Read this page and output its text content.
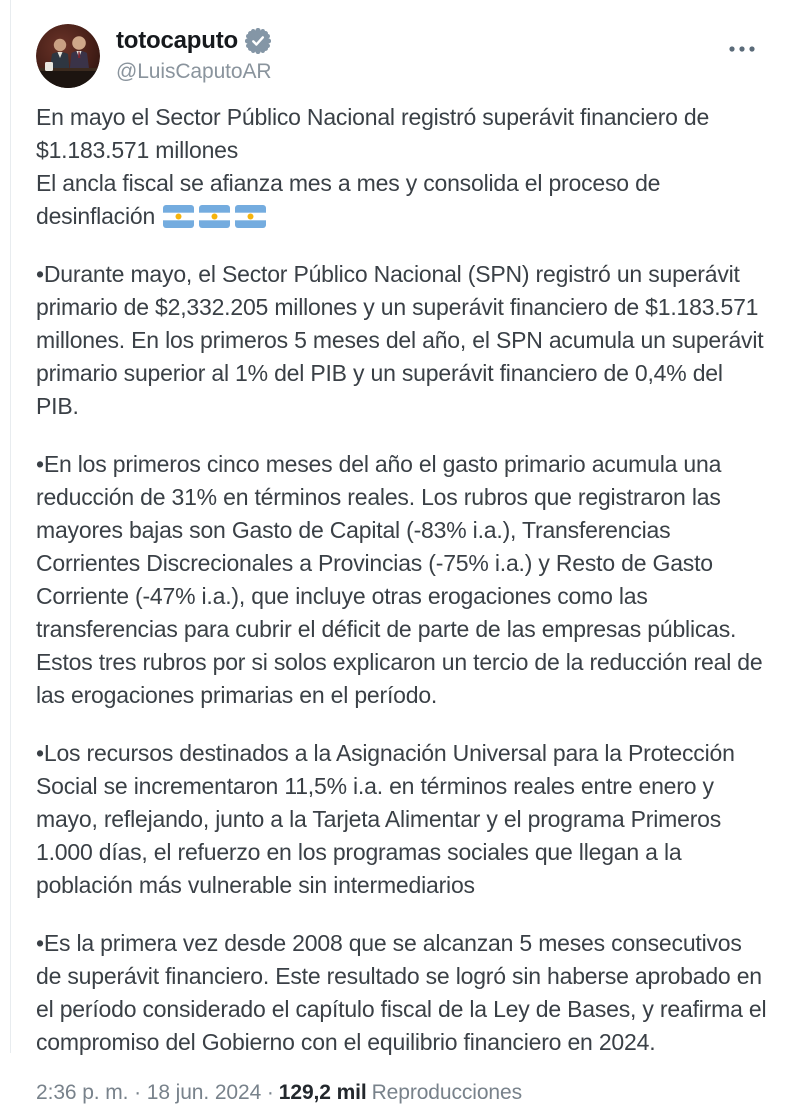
totocaputo
@LuisCaputoAR

En mayo el Sector Público Nacional registró superávit financiero de $1.183.571 millones
El ancla fiscal se afianza mes a mes y consolida el proceso de desinflación

•Durante mayo, el Sector Público Nacional (SPN) registró un superávit primario de $2,332.205 millones y un superávit financiero de $1.183.571 millones. En los primeros 5 meses del año, el SPN acumula un superávit primario superior al 1% del PIB y un superávit financiero de 0,4% del PIB.

•En los primeros cinco meses del año el gasto primario acumula una reducción de 31% en términos reales. Los rubros que registraron las mayores bajas son Gasto de Capital (-83% i.a.), Transferencias Corrientes Discrecionales a Provincias (-75% i.a.) y Resto de Gasto Corriente (-47% i.a.), que incluye otras erogaciones como las transferencias para cubrir el déficit de parte de las empresas públicas. Estos tres rubros por si solos explicaron un tercio de la reducción real de las erogaciones primarias en el período.

•Los recursos destinados a la Asignación Universal para la Protección Social se incrementaron 11,5% i.a. en términos reales entre enero y mayo, reflejando, junto a la Tarjeta Alimentar y el programa Primeros 1.000 días, el refuerzo en los programas sociales que llegan a la población más vulnerable sin intermediarios

•Es la primera vez desde 2008 que se alcanzan 5 meses consecutivos de superávit financiero. Este resultado se logró sin haberse aprobado en el período considerado el capítulo fiscal de la Ley de Bases, y reafirma el compromiso del Gobierno con el equilibrio financiero en 2024.

2:36 p. m. · 18 jun. 2024 · 129,2 mil Reproducciones
